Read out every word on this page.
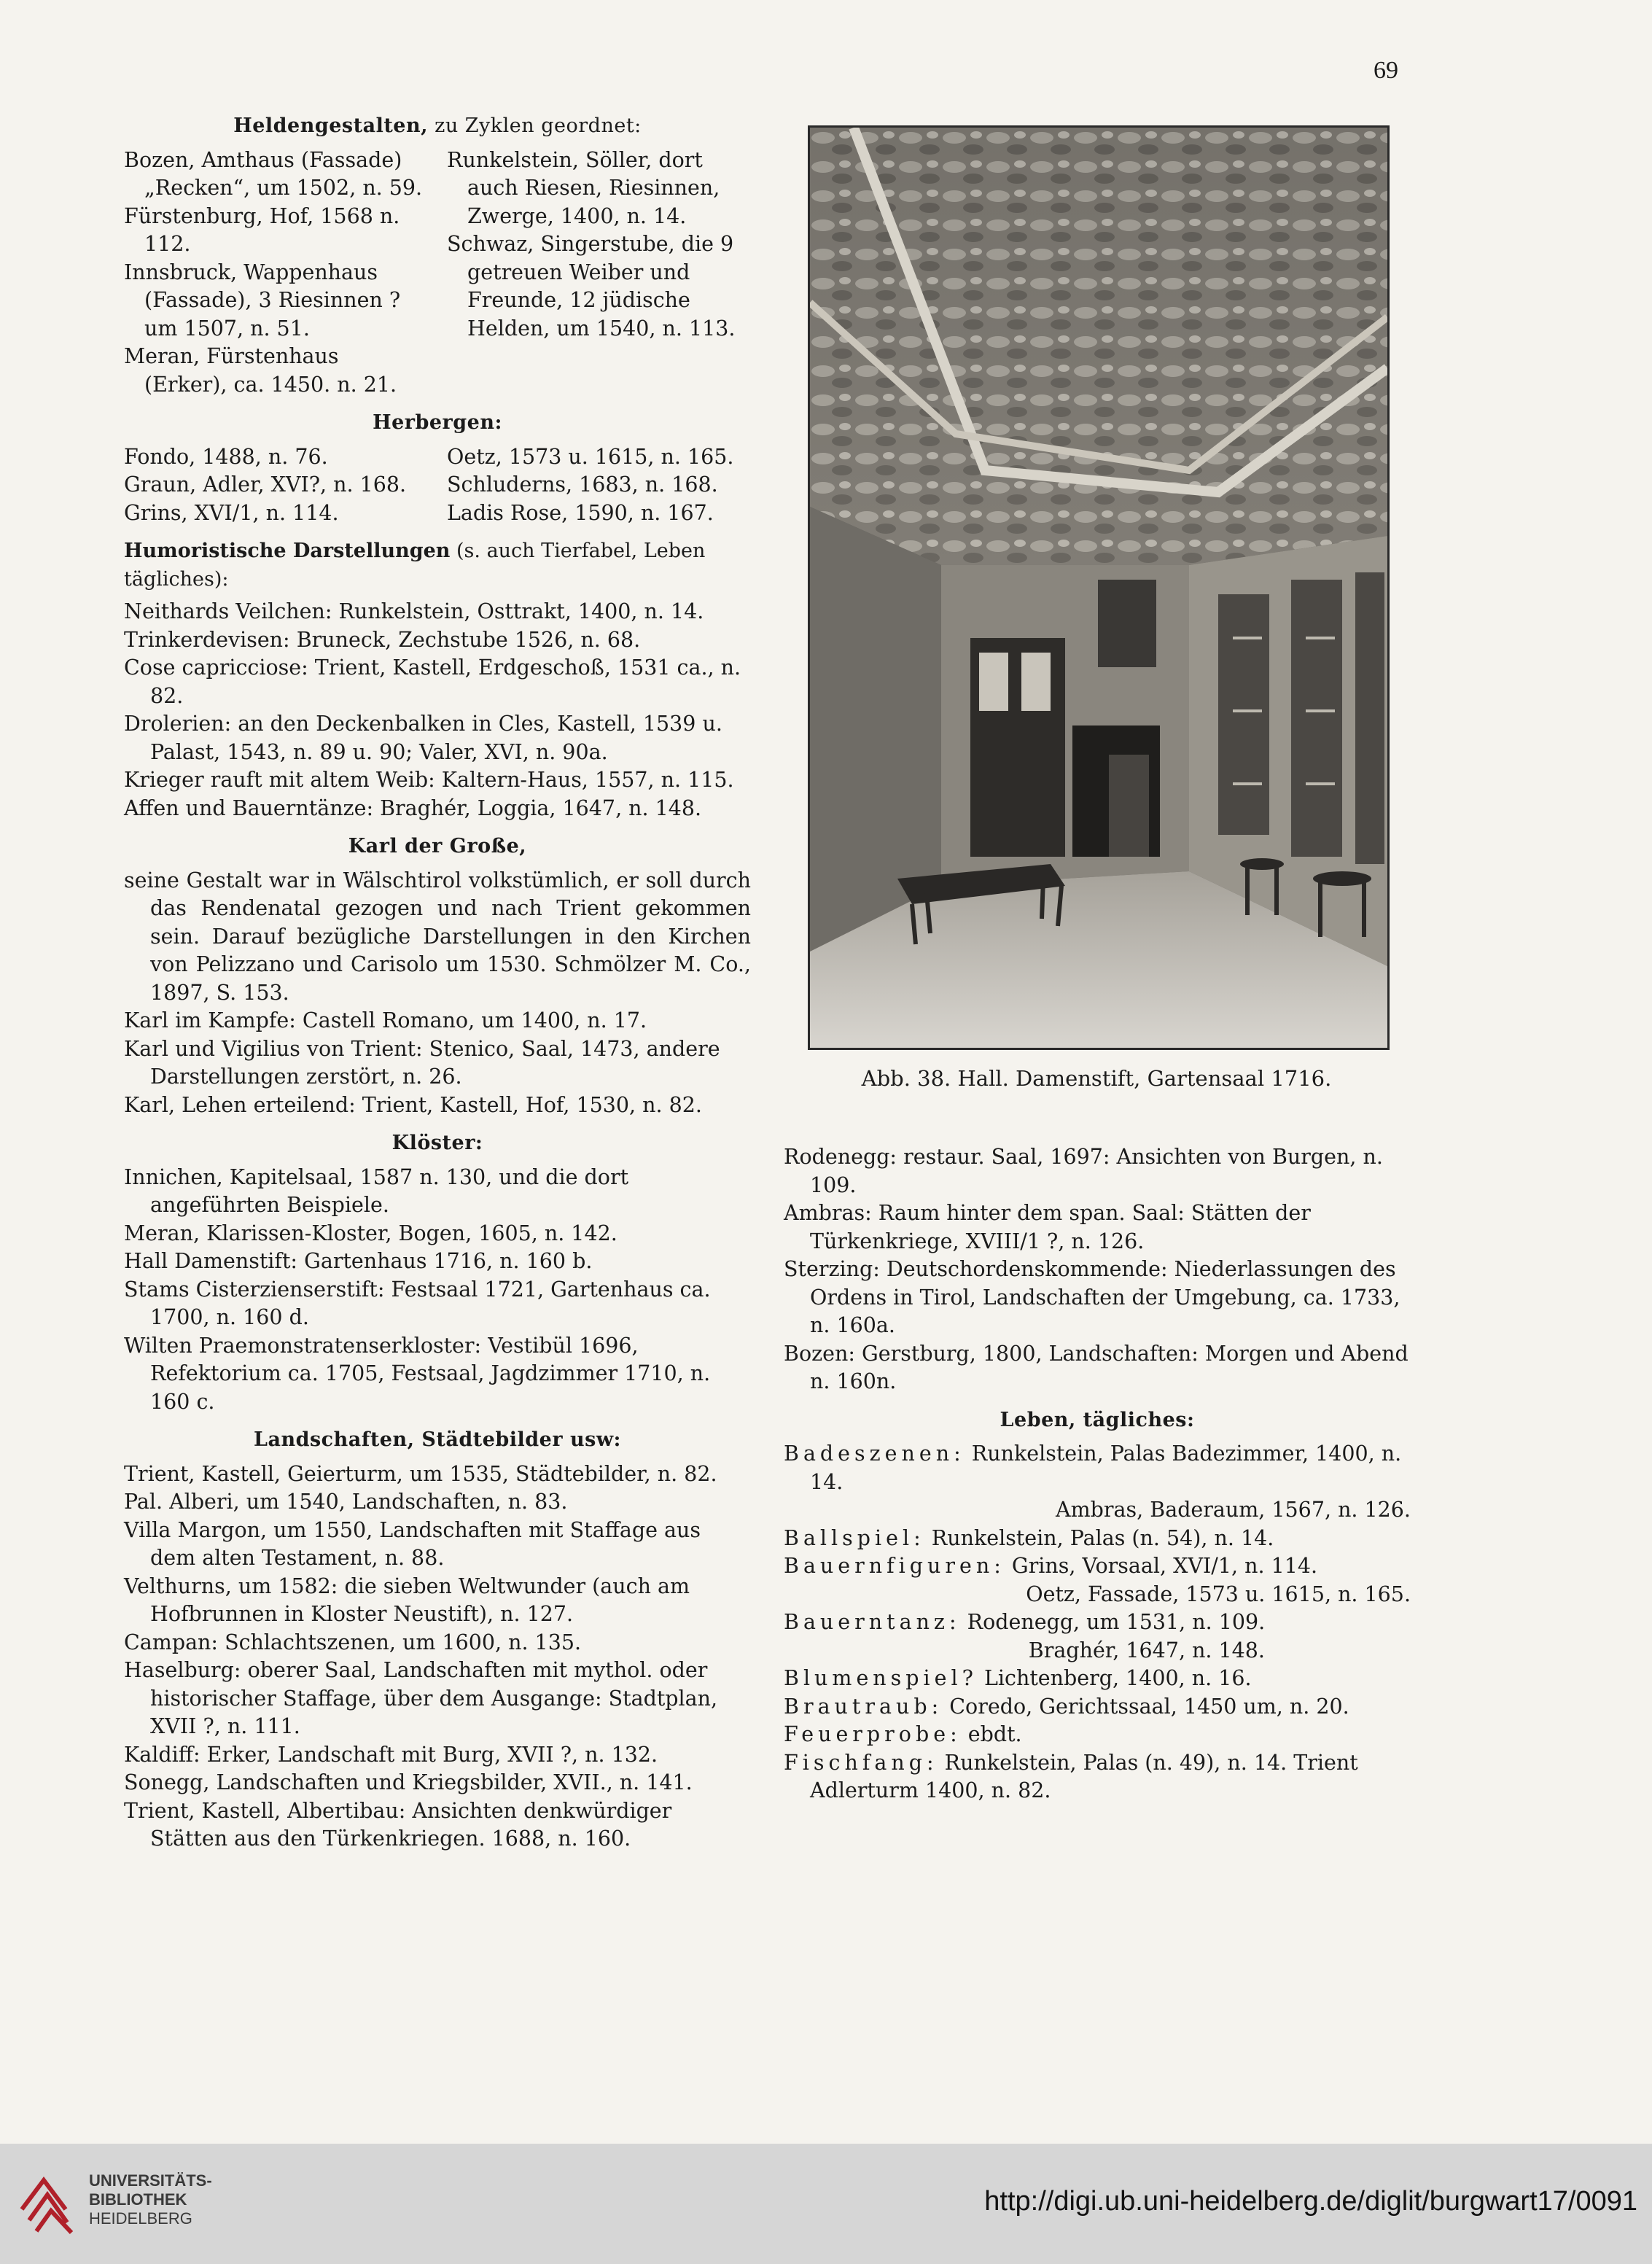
69
Heldengestalten, zu Zyklen geordnet:
Bozen, Amthaus (Fassade) „Recken“, um 1502, n. 59.
Fürstenburg, Hof, 1568 n. 112.
Innsbruck, Wappenhaus (Fassade), 3 Riesinnen ? um 1507, n. 51.
Meran, Fürstenhaus (Erker), ca. 1450. n. 21.
Runkelstein, Söller, dort auch Riesen, Riesinnen, Zwerge, 1400, n. 14.
Schwaz, Singerstube, die 9 getreuen Weiber und Freunde, 12 jüdische Helden, um 1540, n. 113.
Herbergen:
Fondo, 1488, n. 76.
Graun, Adler, XVI?, n. 168.
Grins, XVI/1, n. 114.
Oetz, 1573 u. 1615, n. 165.
Schluderns, 1683, n. 168.
Ladis Rose, 1590, n. 167.
Humoristische Darstellungen (s. auch Tierfabel, Leben tägliches):
Neithards Veilchen: Runkelstein, Osttrakt, 1400, n. 14.
Trinkerdevisen: Bruneck, Zechstube 1526, n. 68.
Cose capricciose: Trient, Kastell, Erdgeschoß, 1531 ca., n. 82.
Drolerien: an den Deckenbalken in Cles, Kastell, 1539 u. Palast, 1543, n. 89 u. 90; Valer, XVI, n. 90a.
Krieger rauft mit altem Weib: Kaltern-Haus, 1557, n. 115.
Affen und Bauerntänze: Braghér, Loggia, 1647, n. 148.
Karl der Große,
seine Gestalt war in Wälschtirol volkstümlich, er soll durch das Rendenatal gezogen und nach Trient gekommen sein. Darauf bezügliche Darstellungen in den Kirchen von Pelizzano und Carisolo um 1530. Schmölzer M. Co., 1897, S. 153.
Karl im Kampfe: Castell Romano, um 1400, n. 17.
Karl und Vigilius von Trient: Stenico, Saal, 1473, andere Darstellungen zerstört, n. 26.
Karl, Lehen erteilend: Trient, Kastell, Hof, 1530, n. 82.
Klöster:
Innichen, Kapitelsaal, 1587 n. 130, und die dort angeführten Beispiele.
Meran, Klarissen-Kloster, Bogen, 1605, n. 142.
Hall Damenstift: Gartenhaus 1716, n. 160 b.
Stams Cisterzienserstift: Festsaal 1721, Gartenhaus ca. 1700, n. 160 d.
Wilten Praemonstratenserkloster: Vestibül 1696, Refektorium ca. 1705, Festsaal, Jagdzimmer 1710, n. 160 c.
Landschaften, Städtebilder usw:
Trient, Kastell, Geierturm, um 1535, Städtebilder, n. 82.
Pal. Alberi, um 1540, Landschaften, n. 83.
Villa Margon, um 1550, Landschaften mit Staffage aus dem alten Testament, n. 88.
Velthurns, um 1582: die sieben Weltwunder (auch am Hofbrunnen in Kloster Neustift), n. 127.
Campan: Schlachtszenen, um 1600, n. 135.
Haselburg: oberer Saal, Landschaften mit mythol. oder historischer Staffage, über dem Ausgange: Stadtplan, XVII ?, n. 111.
Kaldiff: Erker, Landschaft mit Burg, XVII ?, n. 132.
Sonegg, Landschaften und Kriegsbilder, XVII., n. 141.
Trient, Kastell, Albertibau: Ansichten denkwürdiger Stätten aus den Türkenkriegen. 1688, n. 160.
Abb. 38. Hall. Damenstift, Gartensaal 1716.
Rodenegg: restaur. Saal, 1697: Ansichten von Burgen, n. 109.
Ambras: Raum hinter dem span. Saal: Stätten der Türkenkriege, XVIII/1 ?, n. 126.
Sterzing: Deutschordenskommende: Niederlassungen des Ordens in Tirol, Landschaften der Umgebung, ca. 1733, n. 160a.
Bozen: Gerstburg, 1800, Landschaften: Morgen und Abend n. 160n.
Leben, tägliches:
Badeszenen: Runkelstein, Palas Badezimmer, 1400, n. 14.
Ambras, Baderaum, 1567, n. 126.
Ballspiel: Runkelstein, Palas (n. 54), n. 14.
Bauernfiguren: Grins, Vorsaal, XVI/1, n. 114.
Oetz, Fassade, 1573 u. 1615, n. 165.
Bauerntanz: Rodenegg, um 1531, n. 109.
Braghér, 1647, n. 148.
Blumenspiel? Lichtenberg, 1400, n. 16.
Brautraub: Coredo, Gerichtssaal, 1450 um, n. 20.
Feuerprobe: ebdt.
Fischfang: Runkelstein, Palas (n. 49), n. 14. Trient Adlerturm 1400, n. 82.
UNIVERSITÄTS-
BIBLIOTHEK
HEIDELBERG
http://digi.ub.uni-heidelberg.de/diglit/burgwart17/0091
